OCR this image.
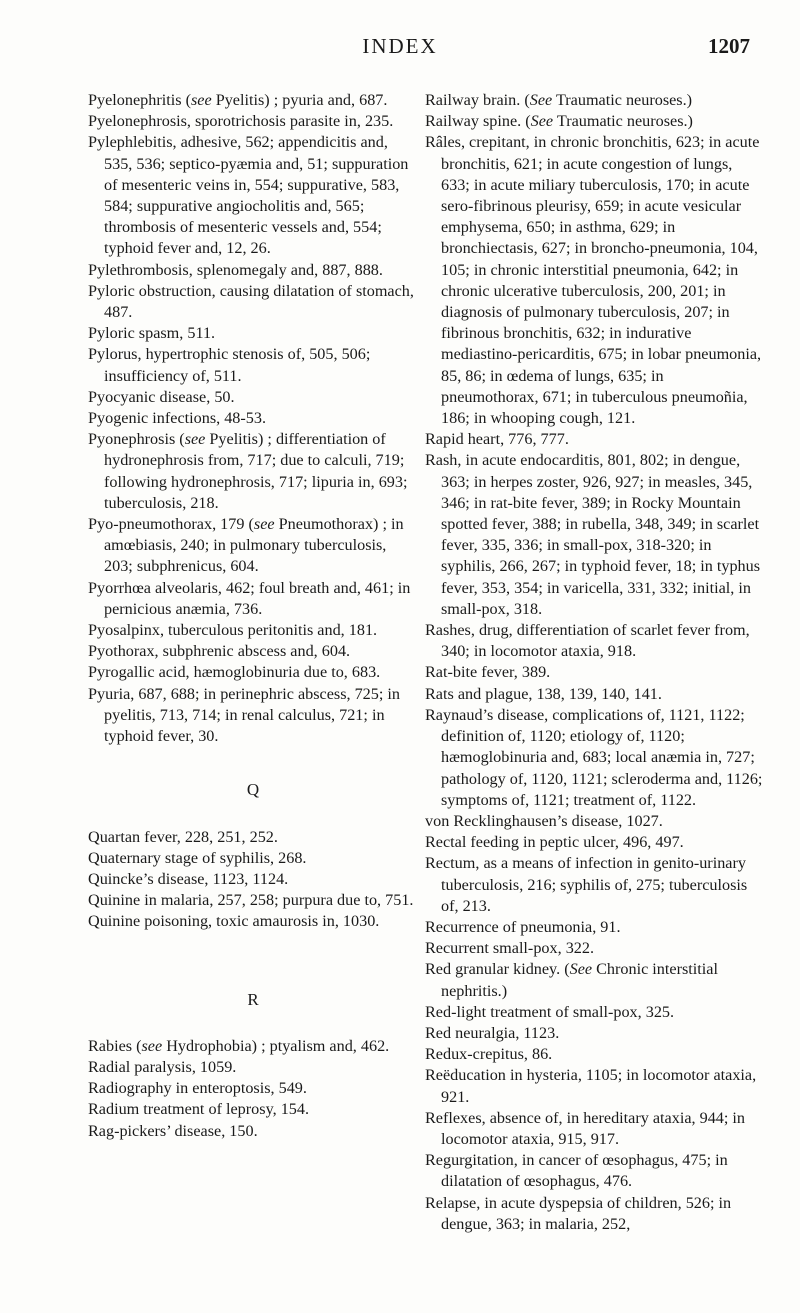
INDEX	1207

Pyelonephritis (see Pyelitis) ; pyuria and, 687.

Pyelonephrosis, sporotrichosis parasite in, 235.

Pylephlebitis, adhesive, 562; appendicitis and, 535, 536; septico-pyæmia and, 51; suppuration of mesenteric veins in, 554; suppurative, 583, 584; suppurative angiocholitis and, 565; thrombosis of mesenteric vessels and, 554; typhoid fever and, 12, 26.

Pylethrombosis, splenomegaly and, 887, 888.

Pyloric obstruction, causing dilatation of stomach, 487.

Pyloric spasm, 511.

Pylorus, hypertrophic stenosis of, 505, 506; insufficiency of, 511.

Pyocyanic disease, 50.

Pyogenic infections, 48-53.

Pyonephrosis (see Pyelitis) ; differentiation of hydronephrosis from, 717; due to calculi, 719; following hydronephrosis, 717; lipuria in, 693; tuberculosis, 218.

Pyo-pneumothorax, 179 (see Pneumothorax) ; in amœbiasis, 240; in pulmonary tuberculosis, 203; subphrenicus, 604.

Pyorrhœa alveolaris, 462; foul breath and, 461; in pernicious anæmia, 736.

Pyosalpinx, tuberculous peritonitis and, 181.

Pyothorax, subphrenic abscess and, 604.

Pyrogallic acid, hæmoglobinuria due to, 683.

Pyuria, 687, 688; in perinephric abscess, 725; in pyelitis, 713, 714; in renal calculus, 721; in typhoid fever, 30.

Q

Quartan fever, 228, 251, 252.

Quaternary stage of syphilis, 268.

Quincke’s disease, 1123, 1124.

Quinine in malaria, 257, 258; purpura due to, 751.

Quinine poisoning, toxic amaurosis in, 1030.

R

Rabies (see Hydrophobia) ; ptyalism and, 462.

Radial paralysis, 1059.

Radiography in enteroptosis, 549.

Radium treatment of leprosy, 154.

Rag-pickers’ disease, 150.

Railway brain. (See Traumatic neuroses.)

Railway spine. (See Traumatic neuroses.)

Râles, crepitant, in chronic bronchitis, 623; in acute bronchitis, 621; in acute congestion of lungs, 633; in acute miliary tuberculosis, 170; in acute sero-fibrinous pleurisy, 659; in acute vesicular emphysema, 650; in asthma, 629; in bronchiectasis, 627; in broncho-pneumonia, 104, 105; in chronic interstitial pneumonia, 642; in chronic ulcerative tuberculosis, 200, 201; in diagnosis of pulmonary tuberculosis, 207; in fibrinous bronchitis, 632; in indurative mediastino-pericarditis, 675; in lobar pneumonia, 85, 86; in œdema of lungs, 635; in pneumothorax, 671; in tuberculous pneumoñia, 186; in whooping cough, 121.

Rapid heart, 776, 777.

Rash, in acute endocarditis, 801, 802; in dengue, 363; in herpes zoster, 926, 927; in measles, 345, 346; in rat-bite fever, 389; in Rocky Mountain spotted fever, 388; in rubella, 348, 349; in scarlet fever, 335, 336; in small-pox, 318-320; in syphilis, 266, 267; in typhoid fever, 18; in typhus fever, 353, 354; in varicella, 331, 332; initial, in small-pox, 318.

Rashes, drug, differentiation of scarlet fever from, 340; in locomotor ataxia, 918.

Rat-bite fever, 389.

Rats and plague, 138, 139, 140, 141.

Raynaud’s disease, complications of, 1121, 1122; definition of, 1120; etiology of, 1120; hæmoglobinuria and, 683; local anæmia in, 727; pathology of, 1120, 1121; scleroderma and, 1126; symptoms of, 1121; treatment of, 1122.

von Recklinghausen’s disease, 1027.

Rectal feeding in peptic ulcer, 496, 497.

Rectum, as a means of infection in genito-urinary tuberculosis, 216; syphilis of, 275; tuberculosis of, 213.

Recurrence of pneumonia, 91.

Recurrent small-pox, 322.

Red granular kidney. (See Chronic interstitial nephritis.)

Red-light treatment of small-pox, 325.

Red neuralgia, 1123.

Redux-crepitus, 86.

Reëducation in hysteria, 1105; in locomotor ataxia, 921.

Reflexes, absence of, in hereditary ataxia, 944; in locomotor ataxia, 915, 917.

Regurgitation, in cancer of œsophagus, 475; in dilatation of œsophagus, 476.

Relapse, in acute dyspepsia of children, 526; in dengue, 363; in malaria, 252,
